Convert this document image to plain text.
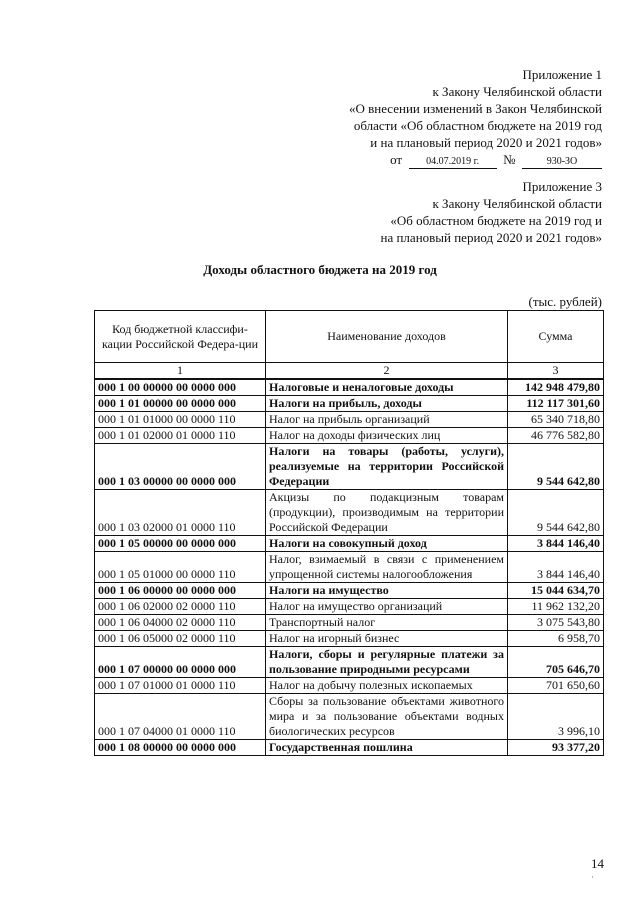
Приложение 1
к Закону Челябинской области
«О внесении изменений в Закон Челябинской
области «Об областном бюджете на 2019 год
и на плановый период 2020 и 2021 годов»
от 04.07.2019 г. №	930-ЗО
Приложение 3
к Закону Челябинской области
«Об областном бюджете на 2019 год и
на плановый период 2020 и 2021 годов»
Доходы областного бюджета на 2019 год
(тыс. рублей)
Код бюджетной классифи-кации Российской Федера-ции	Наименование доходов	Сумма
1	2	3
000 1 00 00000 00 0000 000	Налоговые и неналоговые доходы	142 948 479,80
000 1 01 00000 00 0000 000	Налоги на прибыль, доходы	112 117 301,60
000 1 01 01000 00 0000 110	Налог на прибыль организаций	65 340 718,80
000 1 01 02000 01 0000 110	Налог на доходы физических лиц	46 776 582,80
000 1 03 00000 00 0000 000	Налоги на товары (работы, услуги), реализуемые на территории Российской Федерации	9 544 642,80
000 1 03 02000 01 0000 110	Акцизы по подакцизным товарам (продукции), производимым на территории Российской Федерации	9 544 642,80
000 1 05 00000 00 0000 000	Налоги на совокупный доход	3 844 146,40
000 1 05 01000 00 0000 110	Налог, взимаемый в связи с применением упрощенной системы налогообложения	3 844 146,40
000 1 06 00000 00 0000 000	Налоги на имущество	15 044 634,70
000 1 06 02000 02 0000 110	Налог на имущество организаций	11 962 132,20
000 1 06 04000 02 0000 110	Транспортный налог	3 075 543,80
000 1 06 05000 02 0000 110	Налог на игорный бизнес	6 958,70
000 1 07 00000 00 0000 000	Налоги, сборы и регулярные платежи за пользование природными ресурсами	705 646,70
000 1 07 01000 01 0000 110	Налог на добычу полезных ископаемых	701 650,60
000 1 07 04000 01 0000 110	Сборы за пользование объектами животного мира и за пользование объектами водных биологических ресурсов	3 996,10
000 1 08 00000 00 0000 000	Государственная пошлина	93 377,20
14
·
